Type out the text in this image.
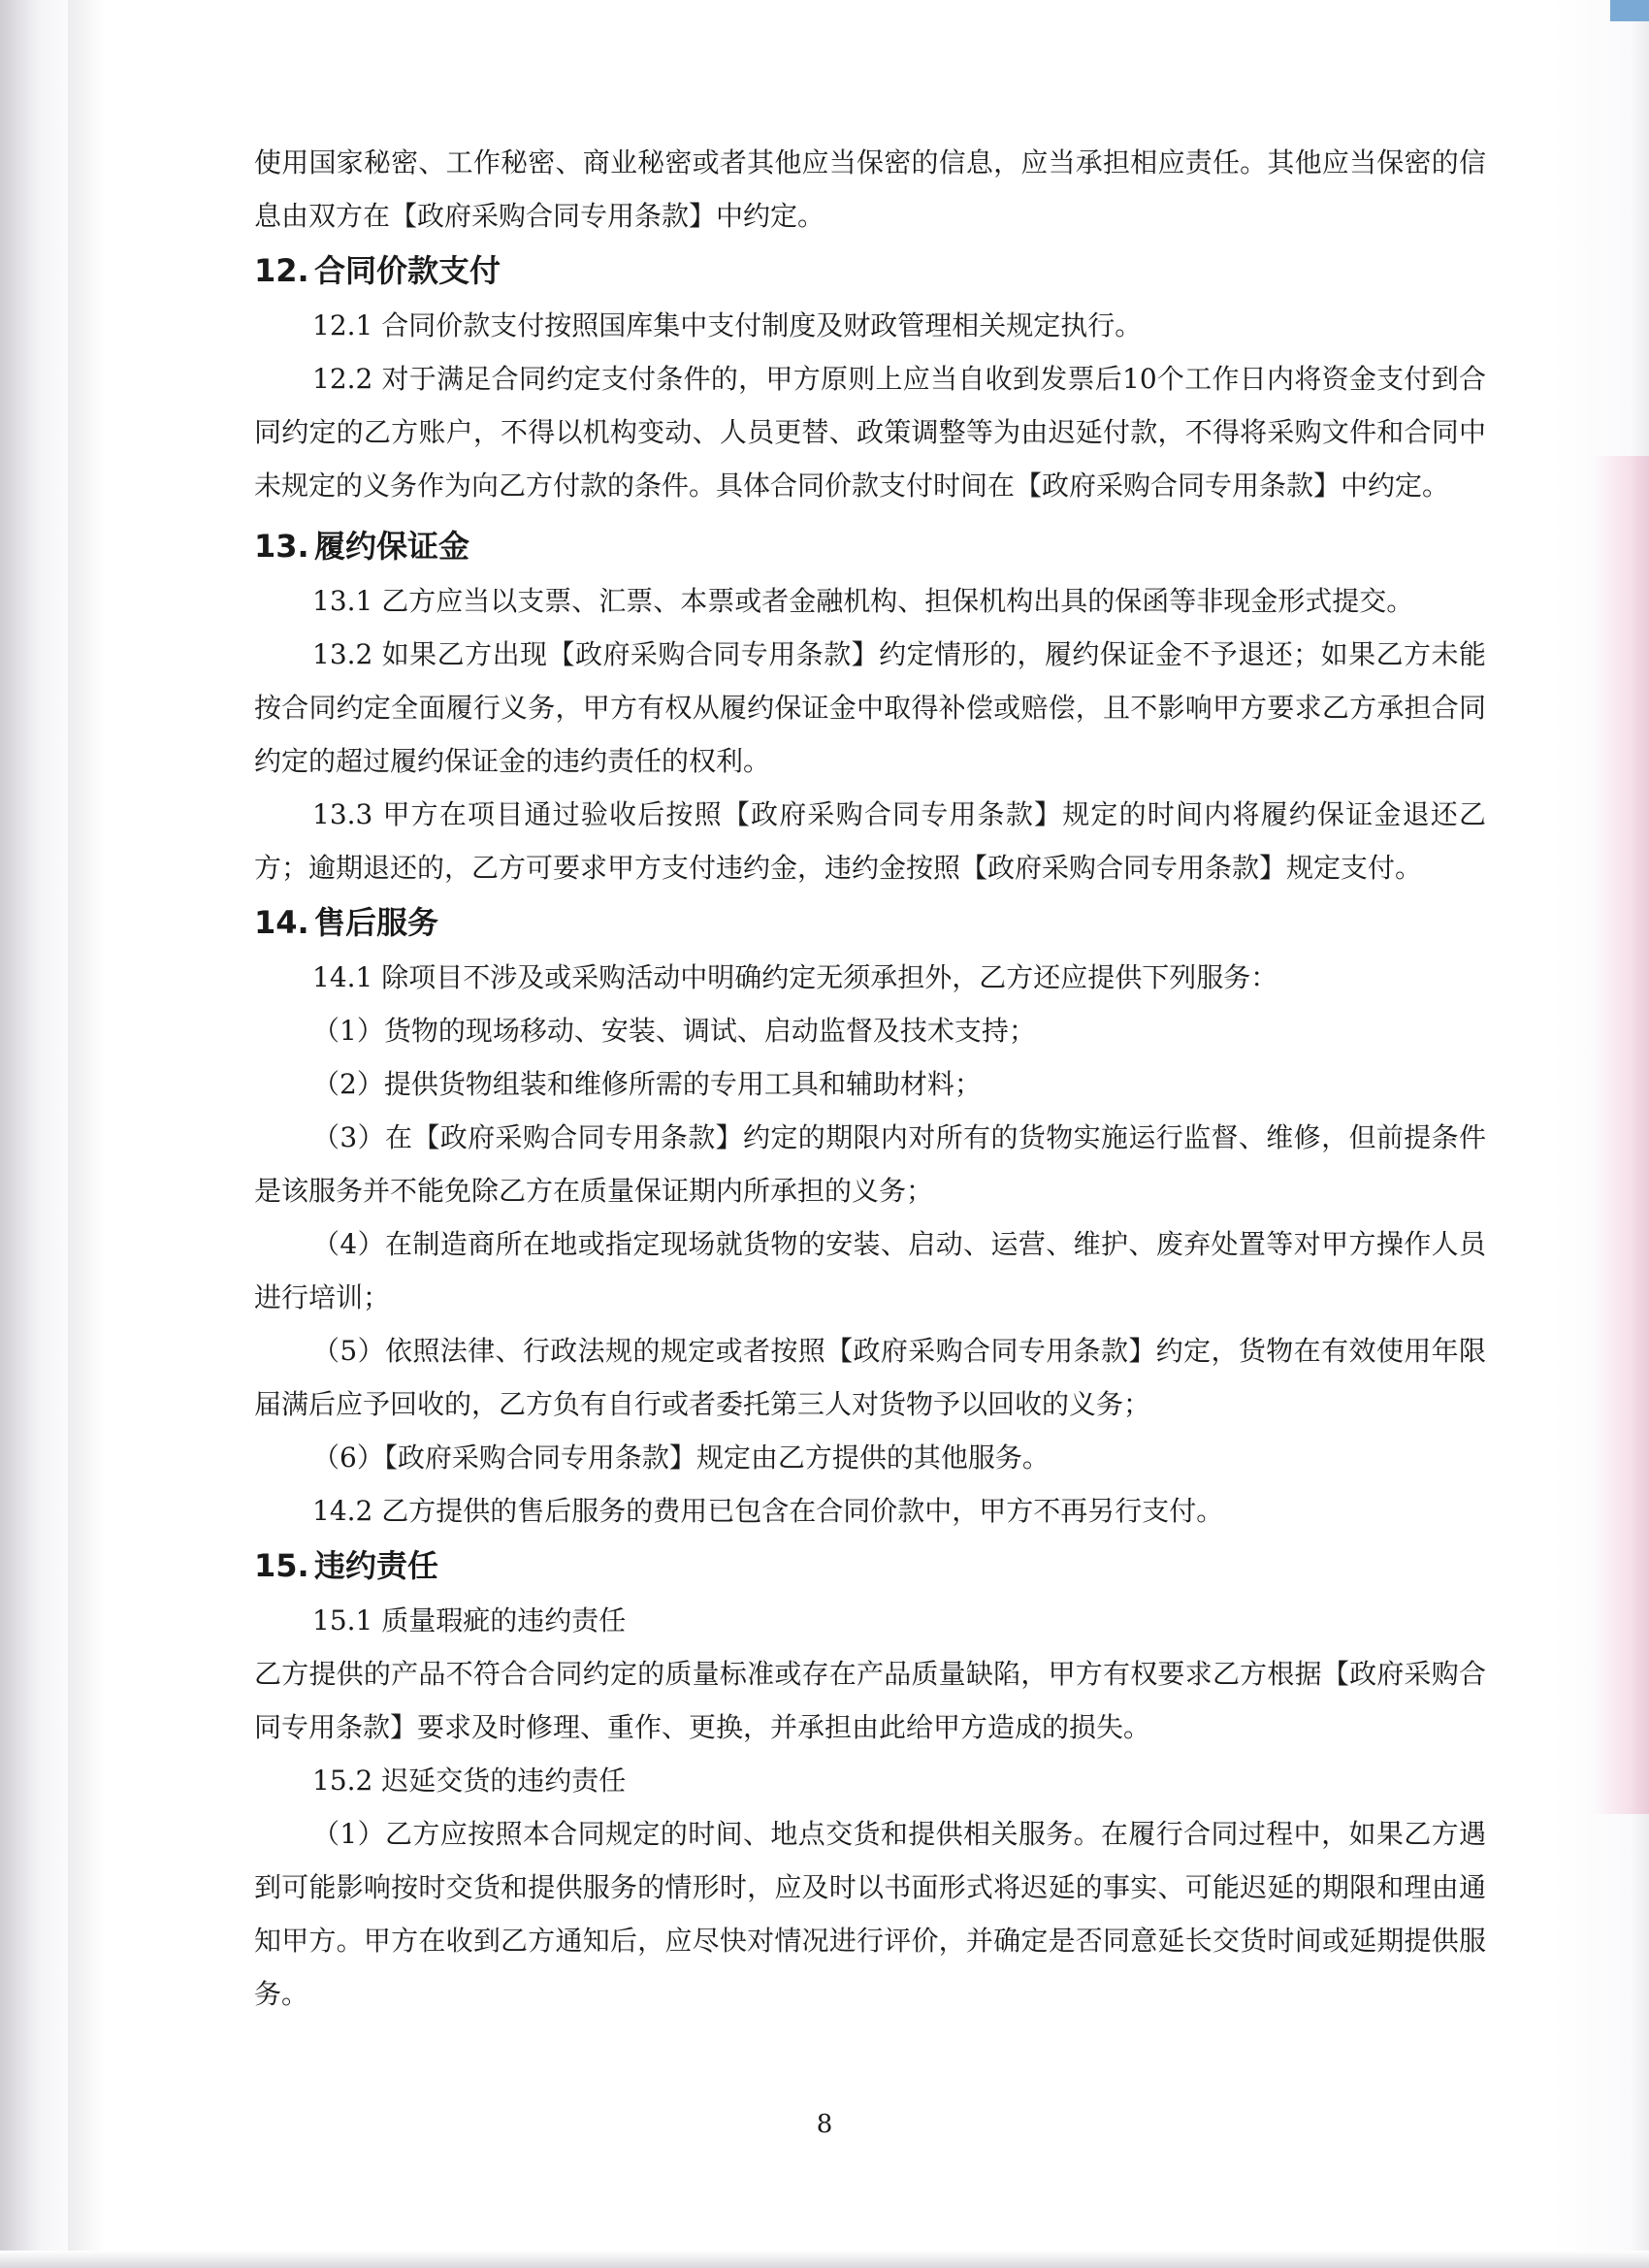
使用国家秘密、工作秘密、商业秘密或者其他应当保密的信息，应当承担相应责任。其他应当保密的信息由双方在【政府采购合同专用条款】中约定。

12. 合同价款支付

12.1 合同价款支付按照国库集中支付制度及财政管理相关规定执行。

12.2 对于满足合同约定支付条件的，甲方原则上应当自收到发票后10个工作日内将资金支付到合同约定的乙方账户，不得以机构变动、人员更替、政策调整等为由迟延付款，不得将采购文件和合同中未规定的义务作为向乙方付款的条件。具体合同价款支付时间在【政府采购合同专用条款】中约定。

13. 履约保证金

13.1 乙方应当以支票、汇票、本票或者金融机构、担保机构出具的保函等非现金形式提交。

13.2 如果乙方出现【政府采购合同专用条款】约定情形的，履约保证金不予退还；如果乙方未能按合同约定全面履行义务，甲方有权从履约保证金中取得补偿或赔偿，且不影响甲方要求乙方承担合同约定的超过履约保证金的违约责任的权利。

13.3 甲方在项目通过验收后按照【政府采购合同专用条款】规定的时间内将履约保证金退还乙方；逾期退还的，乙方可要求甲方支付违约金，违约金按照【政府采购合同专用条款】规定支付。

14. 售后服务

14.1 除项目不涉及或采购活动中明确约定无须承担外，乙方还应提供下列服务：

（1）货物的现场移动、安装、调试、启动监督及技术支持；

（2）提供货物组装和维修所需的专用工具和辅助材料；

（3）在【政府采购合同专用条款】约定的期限内对所有的货物实施运行监督、维修，但前提条件是该服务并不能免除乙方在质量保证期内所承担的义务；

（4）在制造商所在地或指定现场就货物的安装、启动、运营、维护、废弃处置等对甲方操作人员进行培训；

（5）依照法律、行政法规的规定或者按照【政府采购合同专用条款】约定，货物在有效使用年限届满后应予回收的，乙方负有自行或者委托第三人对货物予以回收的义务；

（6）【政府采购合同专用条款】规定由乙方提供的其他服务。

14.2 乙方提供的售后服务的费用已包含在合同价款中，甲方不再另行支付。

15. 违约责任

15.1 质量瑕疵的违约责任

乙方提供的产品不符合合同约定的质量标准或存在产品质量缺陷，甲方有权要求乙方根据【政府采购合同专用条款】要求及时修理、重作、更换，并承担由此给甲方造成的损失。

15.2 迟延交货的违约责任

（1）乙方应按照本合同规定的时间、地点交货和提供相关服务。在履行合同过程中，如果乙方遇到可能影响按时交货和提供服务的情形时，应及时以书面形式将迟延的事实、可能迟延的期限和理由通知甲方。甲方在收到乙方通知后，应尽快对情况进行评价，并确定是否同意延长交货时间或延期提供服务。

8
